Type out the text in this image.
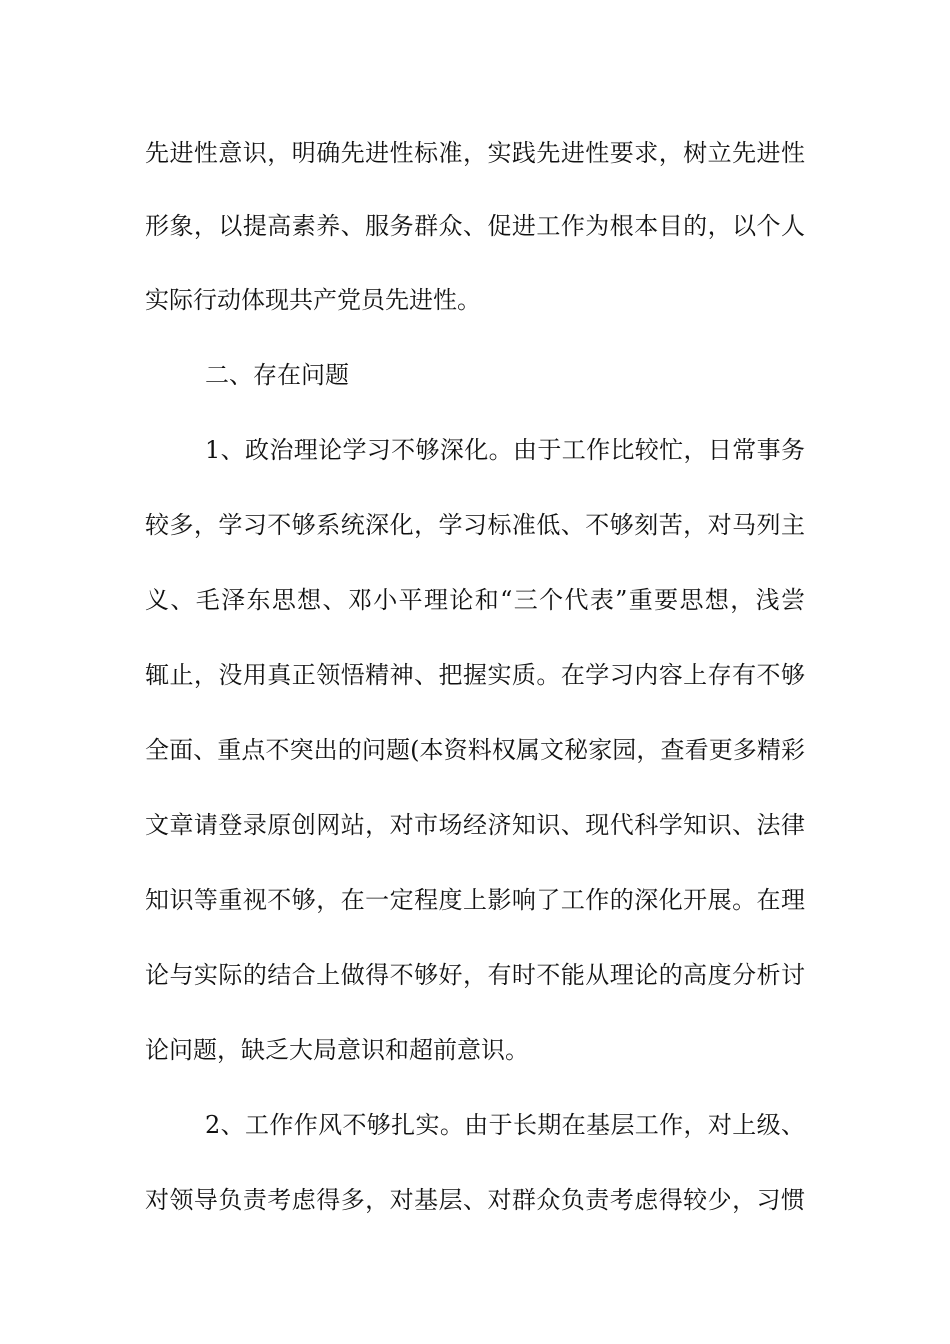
先进性意识，明确先进性标准，实践先进性要求，树立先进性
形象，以提高素养、服务群众、促进工作为根本目的，以个人
实际行动体现共产党员先进性。
二、存在问题
1、政治理论学习不够深化。由于工作比较忙，日常事务
较多，学习不够系统深化，学习标准低、不够刻苦，对马列主
义、毛泽东思想、邓小平理论和“三个代表”重要思想，浅尝
辄止，没用真正领悟精神、把握实质。在学习内容上存有不够
全面、重点不突出的问题(本资料权属文秘家园，查看更多精彩
文章请登录原创网站，对市场经济知识、现代科学知识、法律
知识等重视不够，在一定程度上影响了工作的深化开展。在理
论与实际的结合上做得不够好，有时不能从理论的高度分析讨
论问题，缺乏大局意识和超前意识。
2、工作作风不够扎实。由于长期在基层工作，对上级、
对领导负责考虑得多，对基层、对群众负责考虑得较少，习惯
